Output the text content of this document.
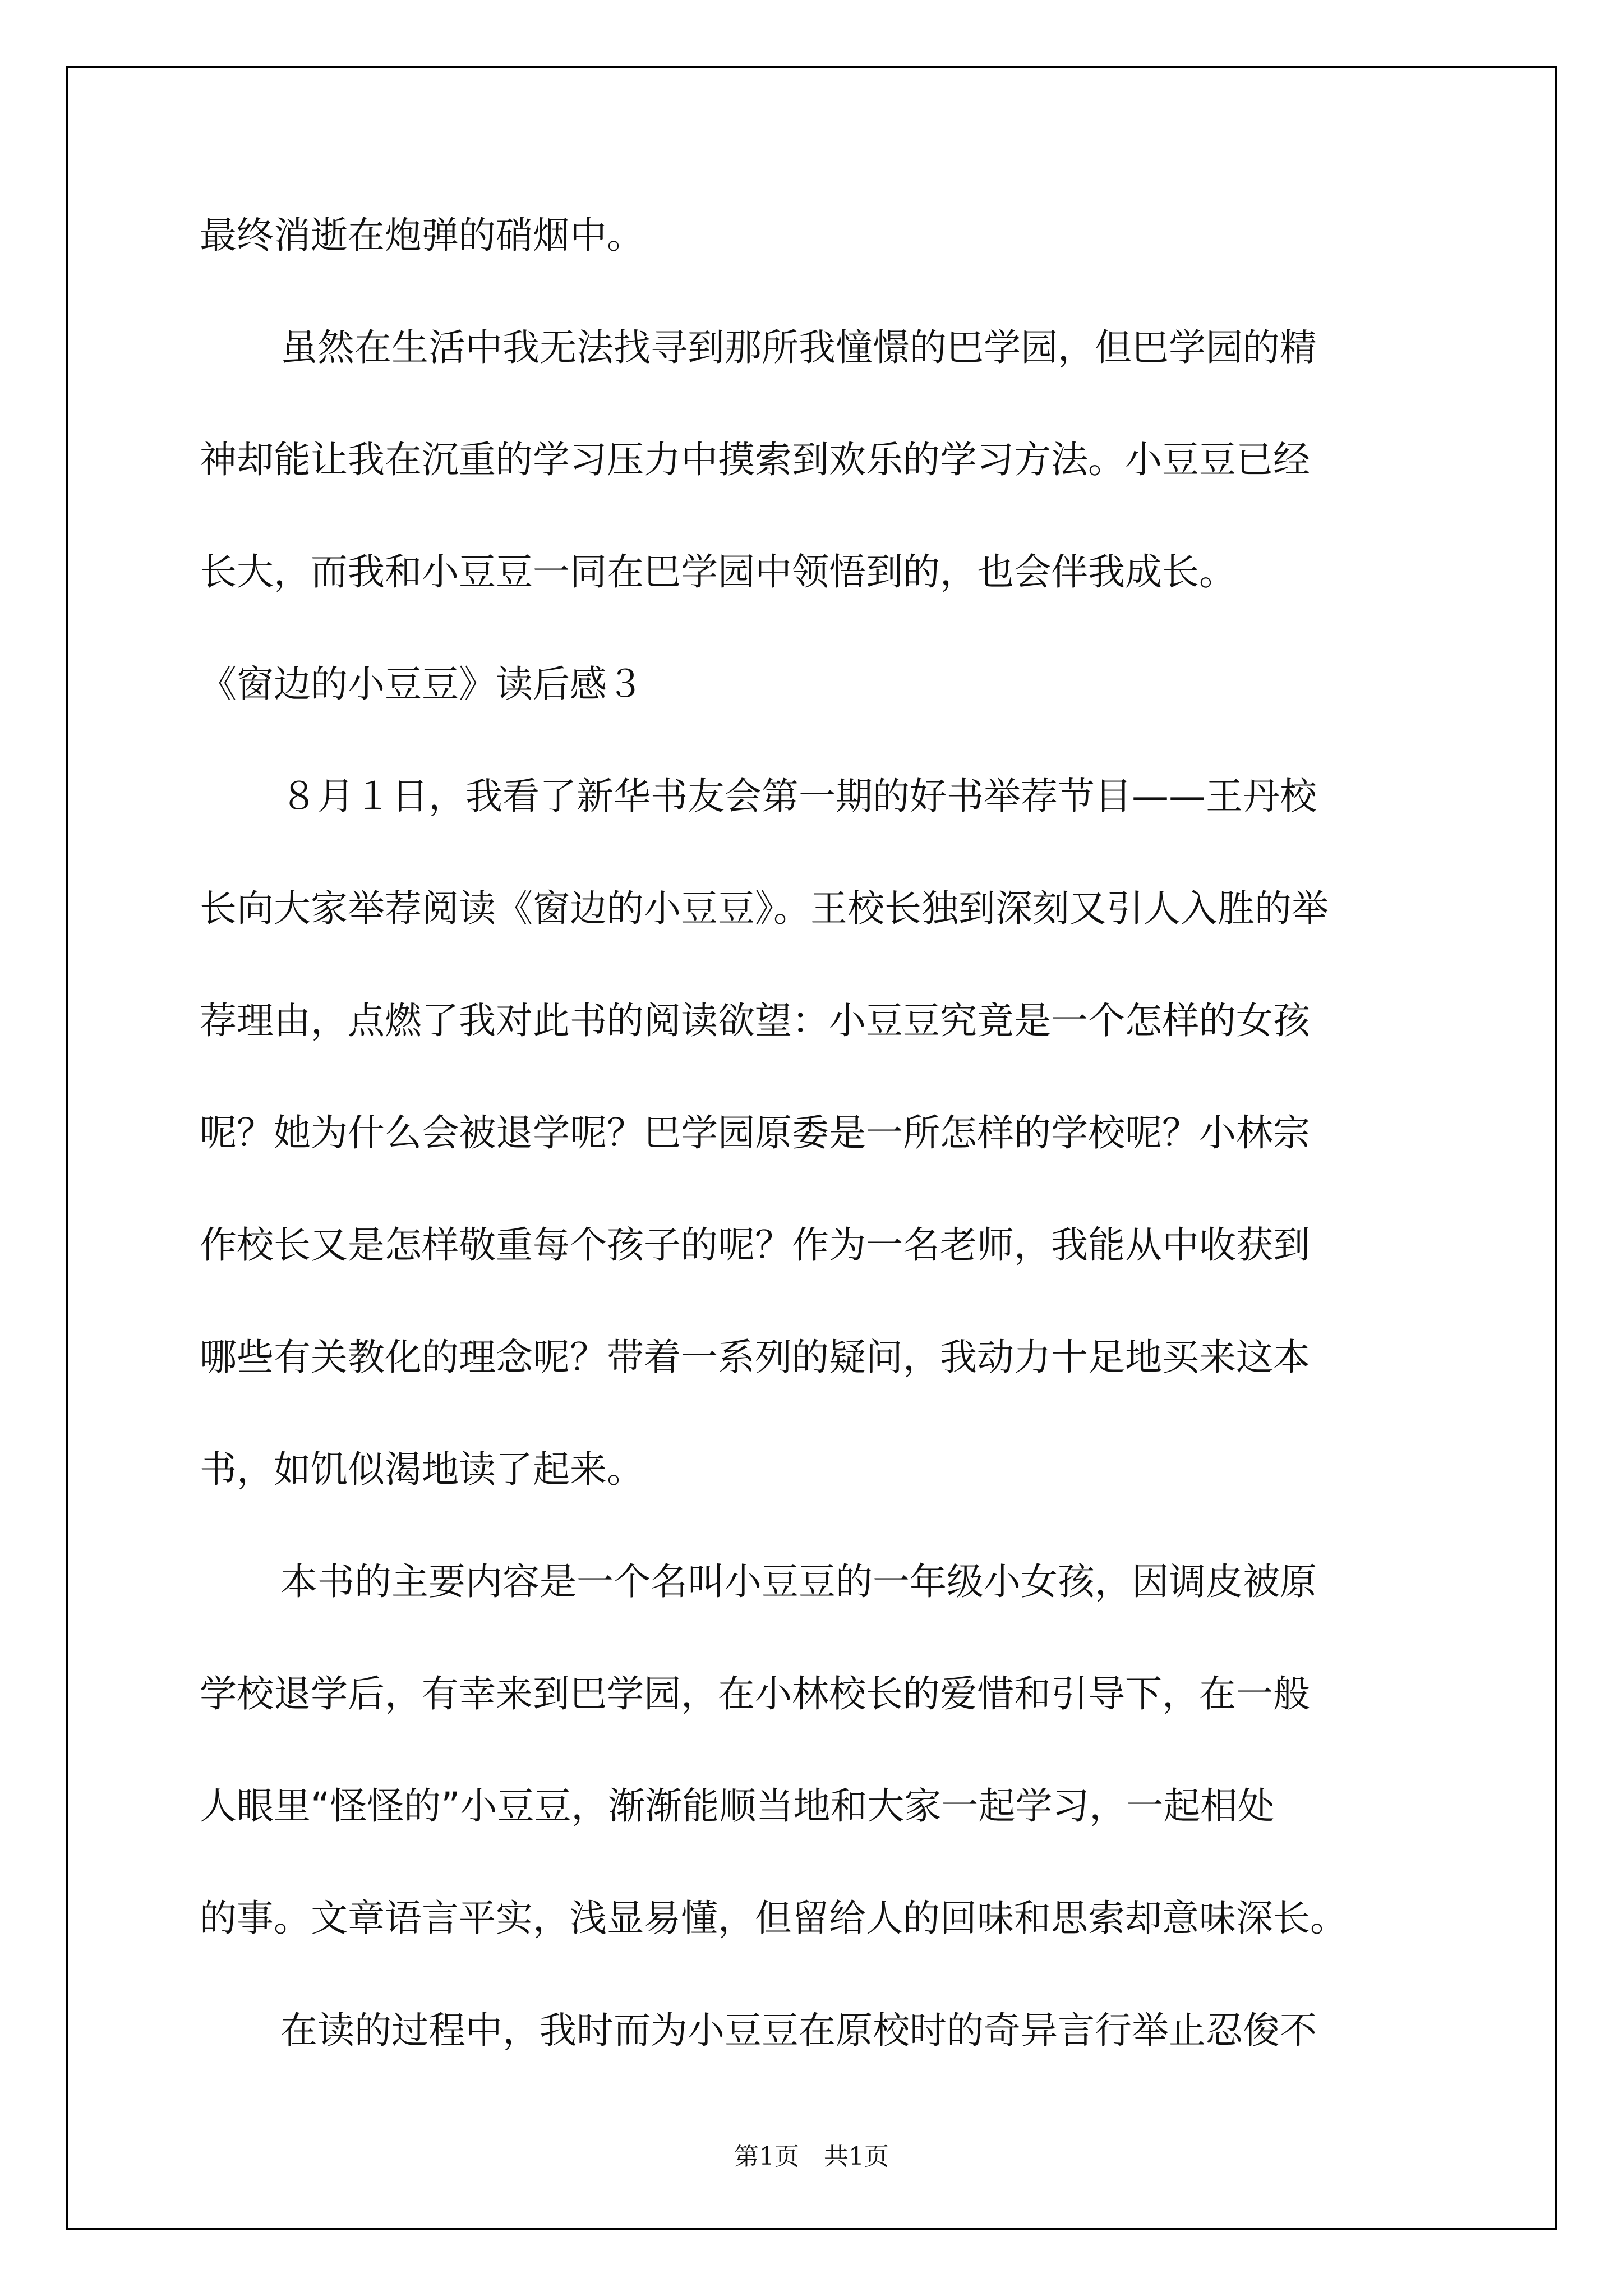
最终消逝在炮弹的硝烟中。
虽然在生活中我无法找寻到那所我憧憬的巴学园，但巴学园的精
神却能让我在沉重的学习压力中摸索到欢乐的学习方法。小豆豆已经
长大，而我和小豆豆一同在巴学园中领悟到的，也会伴我成长。
《窗边的小豆豆》读后感３
８月１日，我看了新华书友会第一期的好书举荐节目——王丹校
长向大家举荐阅读《窗边的小豆豆》。王校长独到深刻又引人入胜的举
荐理由，点燃了我对此书的阅读欲望：小豆豆究竟是一个怎样的女孩
呢？她为什么会被退学呢？巴学园原委是一所怎样的学校呢？小林宗
作校长又是怎样敬重每个孩子的呢？作为一名老师，我能从中收获到
哪些有关教化的理念呢？带着一系列的疑问，我动力十足地买来这本
书，如饥似渴地读了起来。
本书的主要内容是一个名叫小豆豆的一年级小女孩，因调皮被原
学校退学后，有幸来到巴学园，在小林校长的爱惜和引导下，在一般
人眼里“怪怪的”小豆豆，渐渐能顺当地和大家一起学习，一起相处
的事。文章语言平实，浅显易懂，但留给人的回味和思索却意味深长。
在读的过程中，我时而为小豆豆在原校时的奇异言行举止忍俊不
第1页　共1页
